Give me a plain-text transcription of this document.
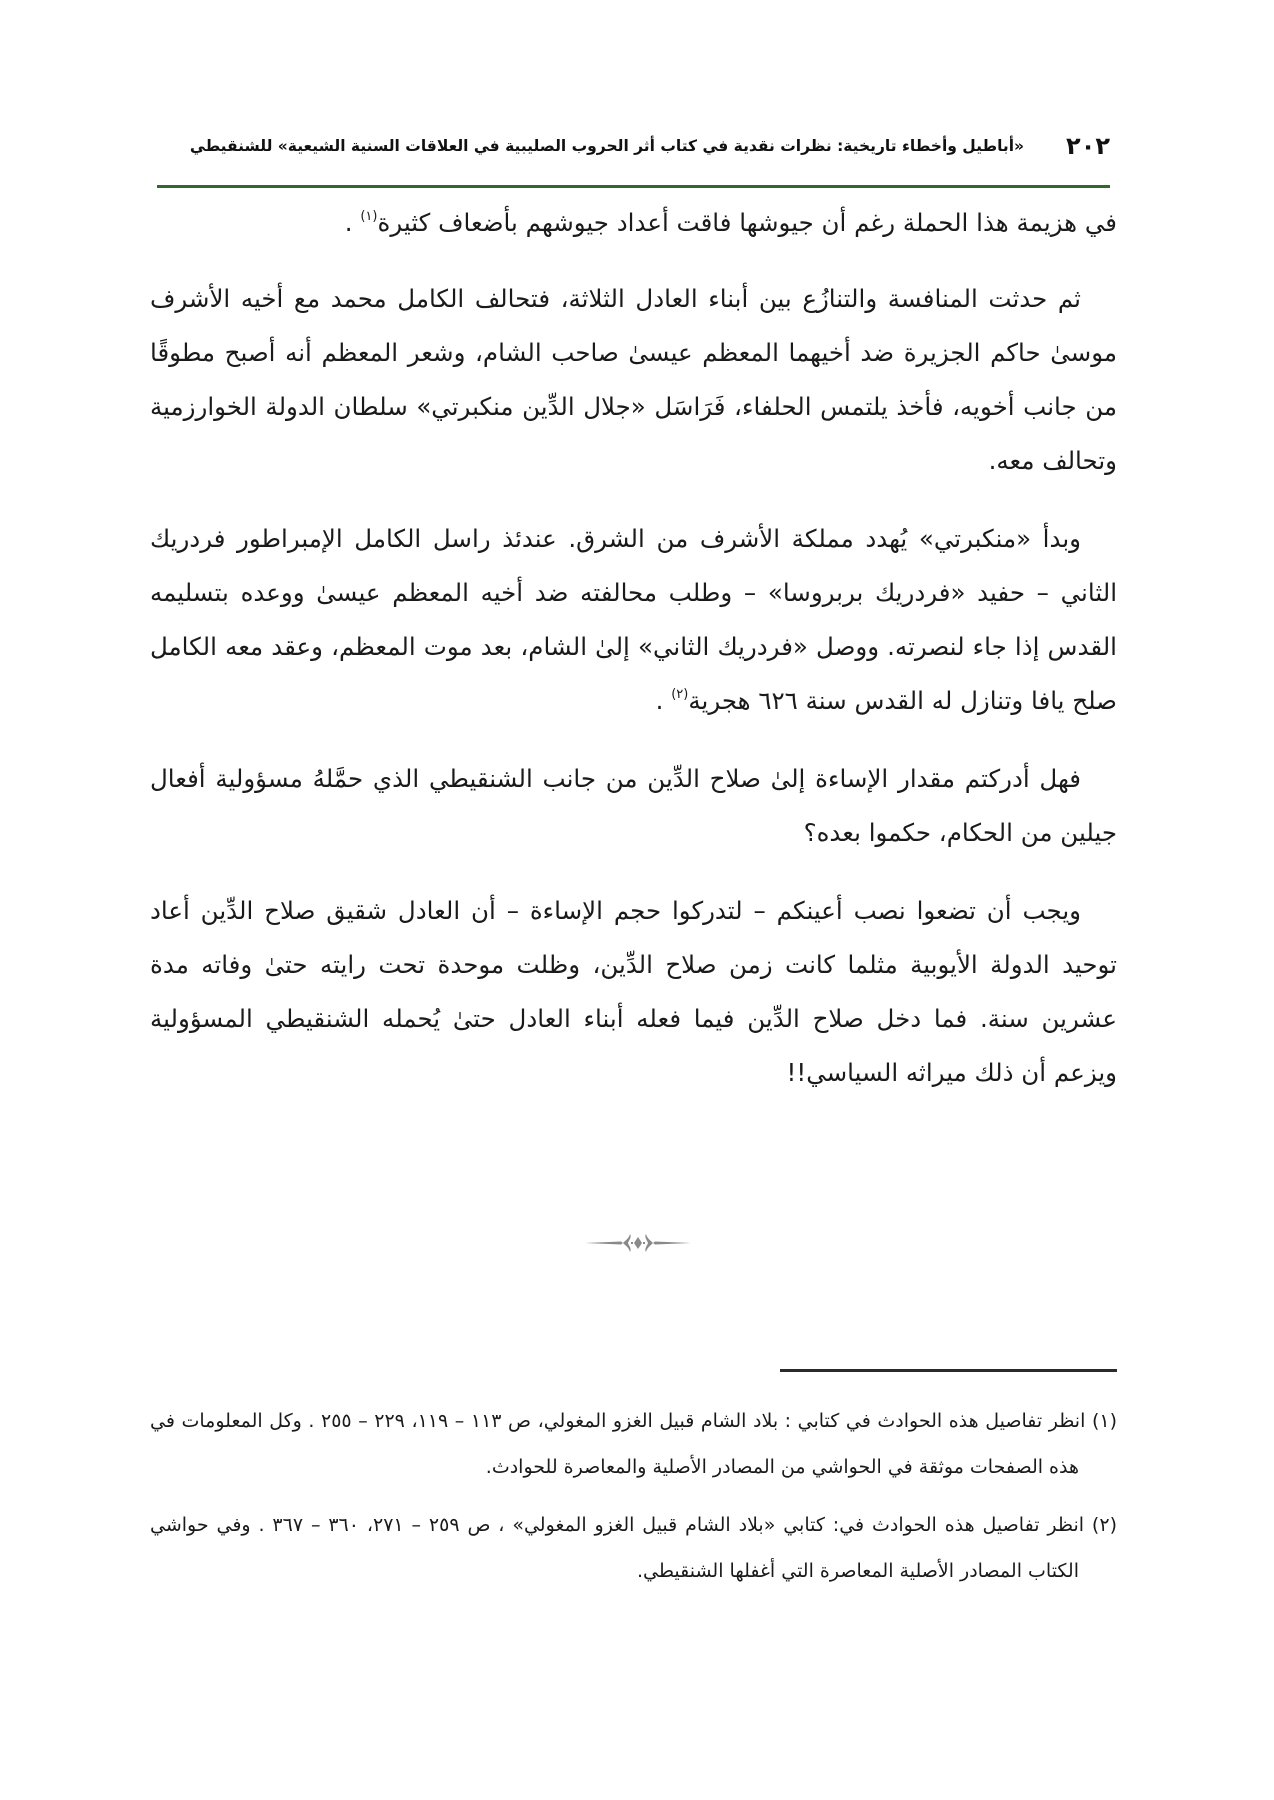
٢٠٢
«أباطيل وأخطاء تاريخية: نظرات نقدية في كتاب أثر الحروب الصليبية في العلاقات السنية الشيعية» للشنقيطي

في هزيمة هذا الحملة رغم أن جيوشها فاقت أعداد جيوشهم بأضعاف كثيرة$^{(١)}$ .

ثم حدثت المنافسة والتنازُع بين أبناء العادل الثلاثة، فتحالف الكامل محمد مع أخيه الأشرف موسىٰ حاكم الجزيرة ضد أخيهما المعظم عيسىٰ صاحب الشام، وشعر المعظم أنه أصبح مطوقًا من جانب أخويه، فأخذ يلتمس الحلفاء، فَرَاسَل «جلال الدِّين منكبرتي» سلطان الدولة الخوارزمية وتحالف معه.

وبدأ «منكبرتي» يُهدد مملكة الأشرف من الشرق. عندئذ راسل الكامل الإمبراطور فردريك الثاني – حفيد «فردريك بربروسا» – وطلب محالفته ضد أخيه المعظم عيسىٰ ووعده بتسليمه القدس إذا جاء لنصرته. ووصل «فردريك الثاني» إلىٰ الشام، بعد موت المعظم، وعقد معه الكامل صلح يافا وتنازل له القدس سنة ٦٢٦ هجرية$^{(٢)}$ .

فهل أدركتم مقدار الإساءة إلىٰ صلاح الدِّين من جانب الشنقيطي الذي حمَّلهُ مسؤولية أفعال جيلين من الحكام، حكموا بعده؟

ويجب أن تضعوا نصب أعينكم – لتدركوا حجم الإساءة – أن العادل شقيق صلاح الدِّين أعاد توحيد الدولة الأيوبية مثلما كانت زمن صلاح الدِّين، وظلت موحدة تحت رايته حتىٰ وفاته مدة عشرين سنة. فما دخل صلاح الدِّين فيما فعله أبناء العادل حتىٰ يُحمله الشنقيطي المسؤولية ويزعم أن ذلك ميراثه السياسي!!

(١) انظر تفاصيل هذه الحوادث في كتابي : بلاد الشام قبيل الغزو المغولي، ص ١١٣ – ١١٩، ٢٢٩ – ٢٥٥ . وكل المعلومات في هذه الصفحات موثقة في الحواشي من المصادر الأصلية والمعاصرة للحوادث.

(٢) انظر تفاصيل هذه الحوادث في: كتابي «بلاد الشام قبيل الغزو المغولي» ، ص ٢٥٩ – ٢٧١، ٣٦٠ – ٣٦٧ . وفي حواشي الكتاب المصادر الأصلية المعاصرة التي أغفلها الشنقيطي.
